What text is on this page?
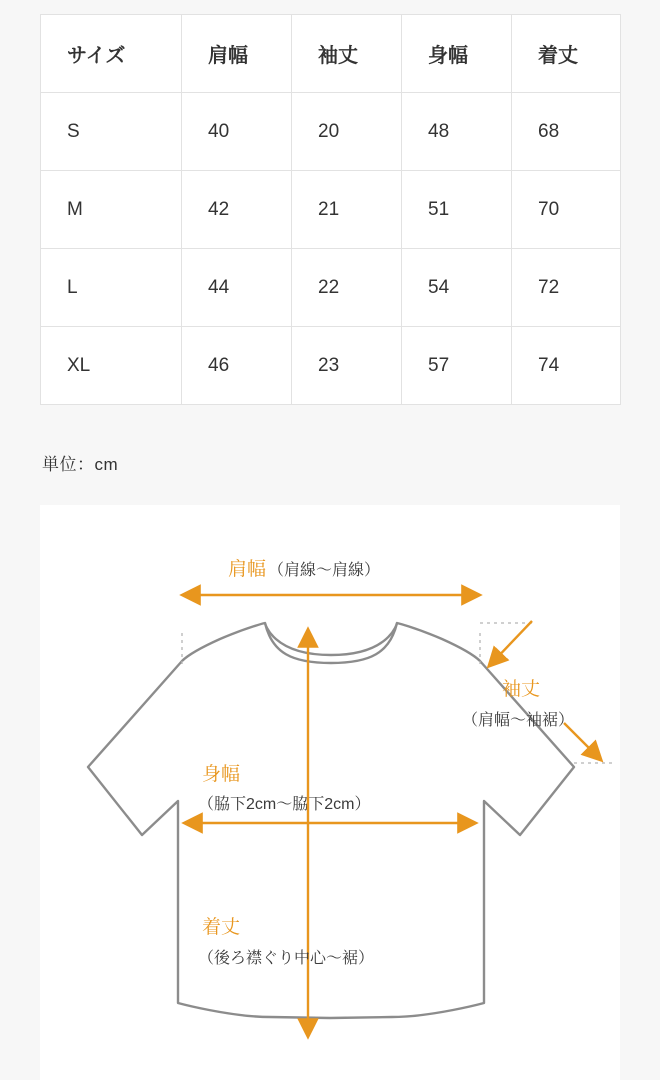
サイズ	肩幅	袖丈	身幅	着丈
S	40	20	48	68
M	42	21	51	70
L	44	22	54	72
XL	46	23	57	74
単位：cm
肩幅 （肩線〜肩線）
袖丈
（肩幅〜袖裾）
身幅
（脇下2cm〜脇下2cm）
着丈
（後ろ襟ぐり中心〜裾）
